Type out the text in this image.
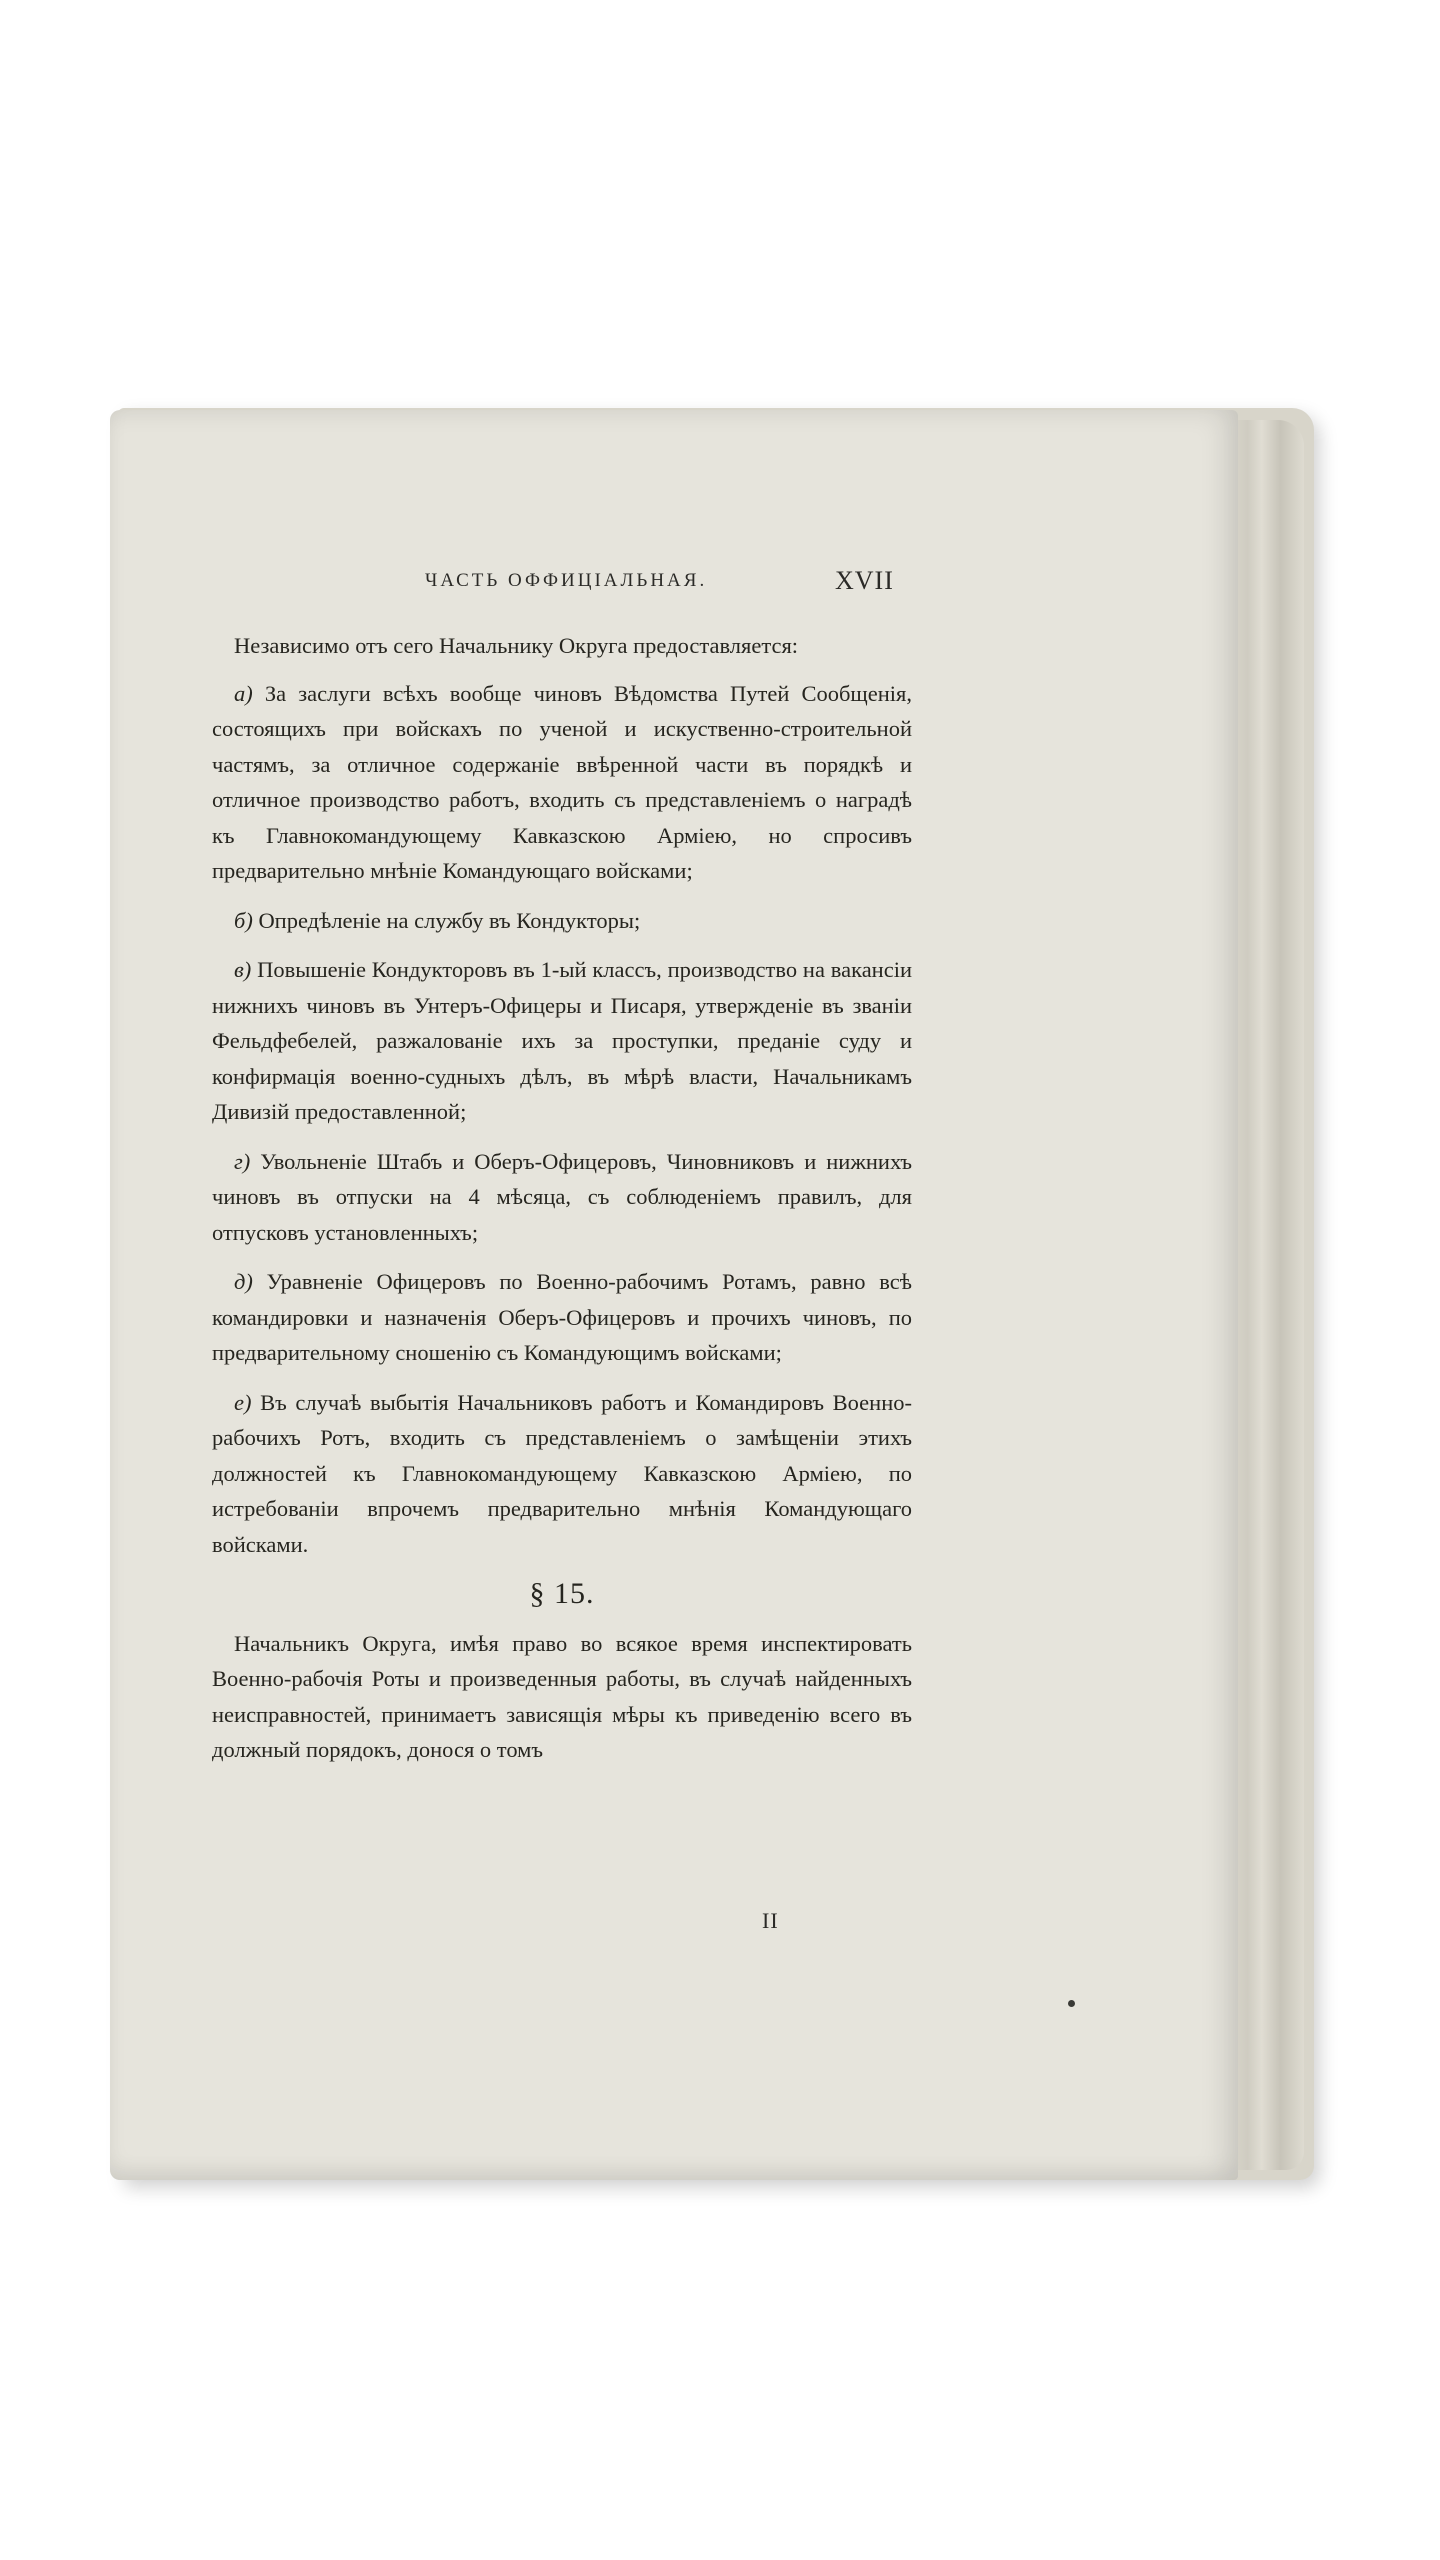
ЧАСТЬ ОФФИЦІАЛЬНАЯ.	XVII

Независимо отъ сего Начальнику Округа предоставляется:

а) За заслуги всѣхъ вообще чиновъ Вѣдомства Путей Сообщенія, состоящихъ при войскахъ по ученой и искуственно-строительной частямъ, за отличное содержаніе ввѣренной части въ порядкѣ и отличное производство работъ, входить съ представленіемъ о наградѣ къ Главнокомандующему Кавказскою Арміею, но спросивъ предварительно мнѣніе Командующаго войсками;

б) Опредѣленіе на службу въ Кондукторы;

в) Повышеніе Кондукторовъ въ 1-ый классъ, производство на вакансіи нижнихъ чиновъ въ Унтеръ-Офицеры и Писаря, утвержденіе въ званіи Фельдфебелей, разжалованіе ихъ за проступки, преданіе суду и конфирмація военно-судныхъ дѣлъ, въ мѣрѣ власти, Начальникамъ Дивизій предоставленной;

г) Увольненіе Штабъ и Оберъ-Офицеровъ, Чиновниковъ и нижнихъ чиновъ въ отпуски на 4 мѣсяца, съ соблюденіемъ правилъ, для отпусковъ установленныхъ;

д) Уравненіе Офицеровъ по Военно-рабочимъ Ротамъ, равно всѣ командировки и назначенія Оберъ-Офицеровъ и прочихъ чиновъ, по предварительному сношенію съ Командующимъ войсками;

е) Въ случаѣ выбытія Начальниковъ работъ и Командировъ Военно-рабочихъ Ротъ, входить съ представленіемъ о замѣщеніи этихъ должностей къ Главнокомандующему Кавказскою Арміею, по истребованіи впрочемъ предварительно мнѣнія Командующаго войсками.

§ 15.

Начальникъ Округа, имѣя право во всякое время инспектировать Военно-рабочія Роты и произведенныя работы, въ случаѣ найденныхъ неисправностей, принимаетъ зависящія мѣры къ приведенію всего въ должный порядокъ, донося о томъ

II
